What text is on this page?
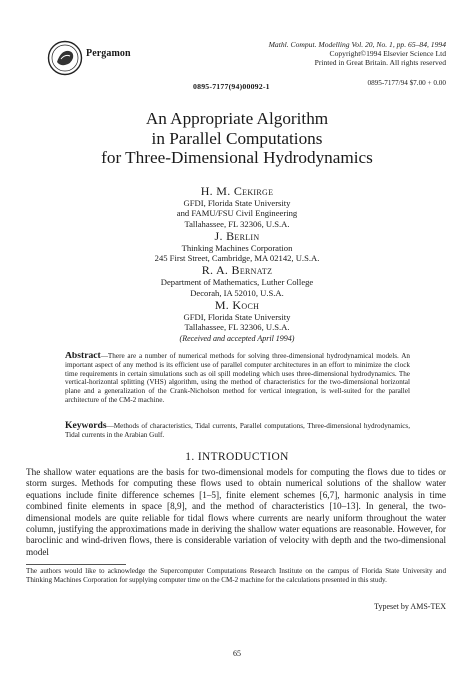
Pergamon
Mathl. Comput. Modelling Vol. 20, No. 1, pp. 65–84, 1994
Copyright©1994 Elsevier Science Ltd
Printed in Great Britain. All rights reserved
0895-7177(94)00092-1	0895-7177/94 $7.00 + 0.00
An Appropriate Algorithm
in Parallel Computations
for Three-Dimensional Hydrodynamics
H. M. Cekirge
GFDI, Florida State University
and FAMU/FSU Civil Engineering
Tallahassee, FL 32306, U.S.A.
J. Berlin
Thinking Machines Corporation
245 First Street, Cambridge, MA 02142, U.S.A.
R. A. Bernatz
Department of Mathematics, Luther College
Decorah, IA 52010, U.S.A.
M. Koch
GFDI, Florida State University
Tallahassee, FL 32306, U.S.A.
(Received and accepted April 1994)
Abstract—There are a number of numerical methods for solving three-dimensional hydrodynamical models. An important aspect of any method is its efficient use of parallel computer architectures in an effort to minimize the clock time requirements in certain simulations such as oil spill modeling which uses three-dimensional hydrodynamics. The vertical-horizontal splitting (VHS) algorithm, using the method of characteristics for the two-dimensional horizontal plane and a generalization of the Crank-Nicholson method for vertical integration, is well-suited for the parallel architecture of the CM-2 machine.
Keywords—Methods of characteristics, Tidal currents, Parallel computations, Three-dimensional hydrodynamics, Tidal currents in the Arabian Gulf.
1. INTRODUCTION
The shallow water equations are the basis for two-dimensional models for computing the flows due to tides or storm surges. Methods for computing these flows used to obtain numerical solutions of the shallow water equations include finite difference schemes [1–5], finite element schemes [6,7], harmonic analysis in time combined finite elements in space [8,9], and the method of characteristics [10–13]. In general, the two-dimensional models are quite reliable for tidal flows where currents are nearly uniform throughout the water column, justifying the approximations made in deriving the shallow water equations are reasonable. However, for baroclinic and wind-driven flows, there is considerable variation of velocity with depth and the two-dimensional model
The authors would like to acknowledge the Supercomputer Computations Research Institute on the campus of Florida State University and Thinking Machines Corporation for supplying computer time on the CM-2 machine for the calculations presented in this study.
Typeset by AMS-TEX
65
